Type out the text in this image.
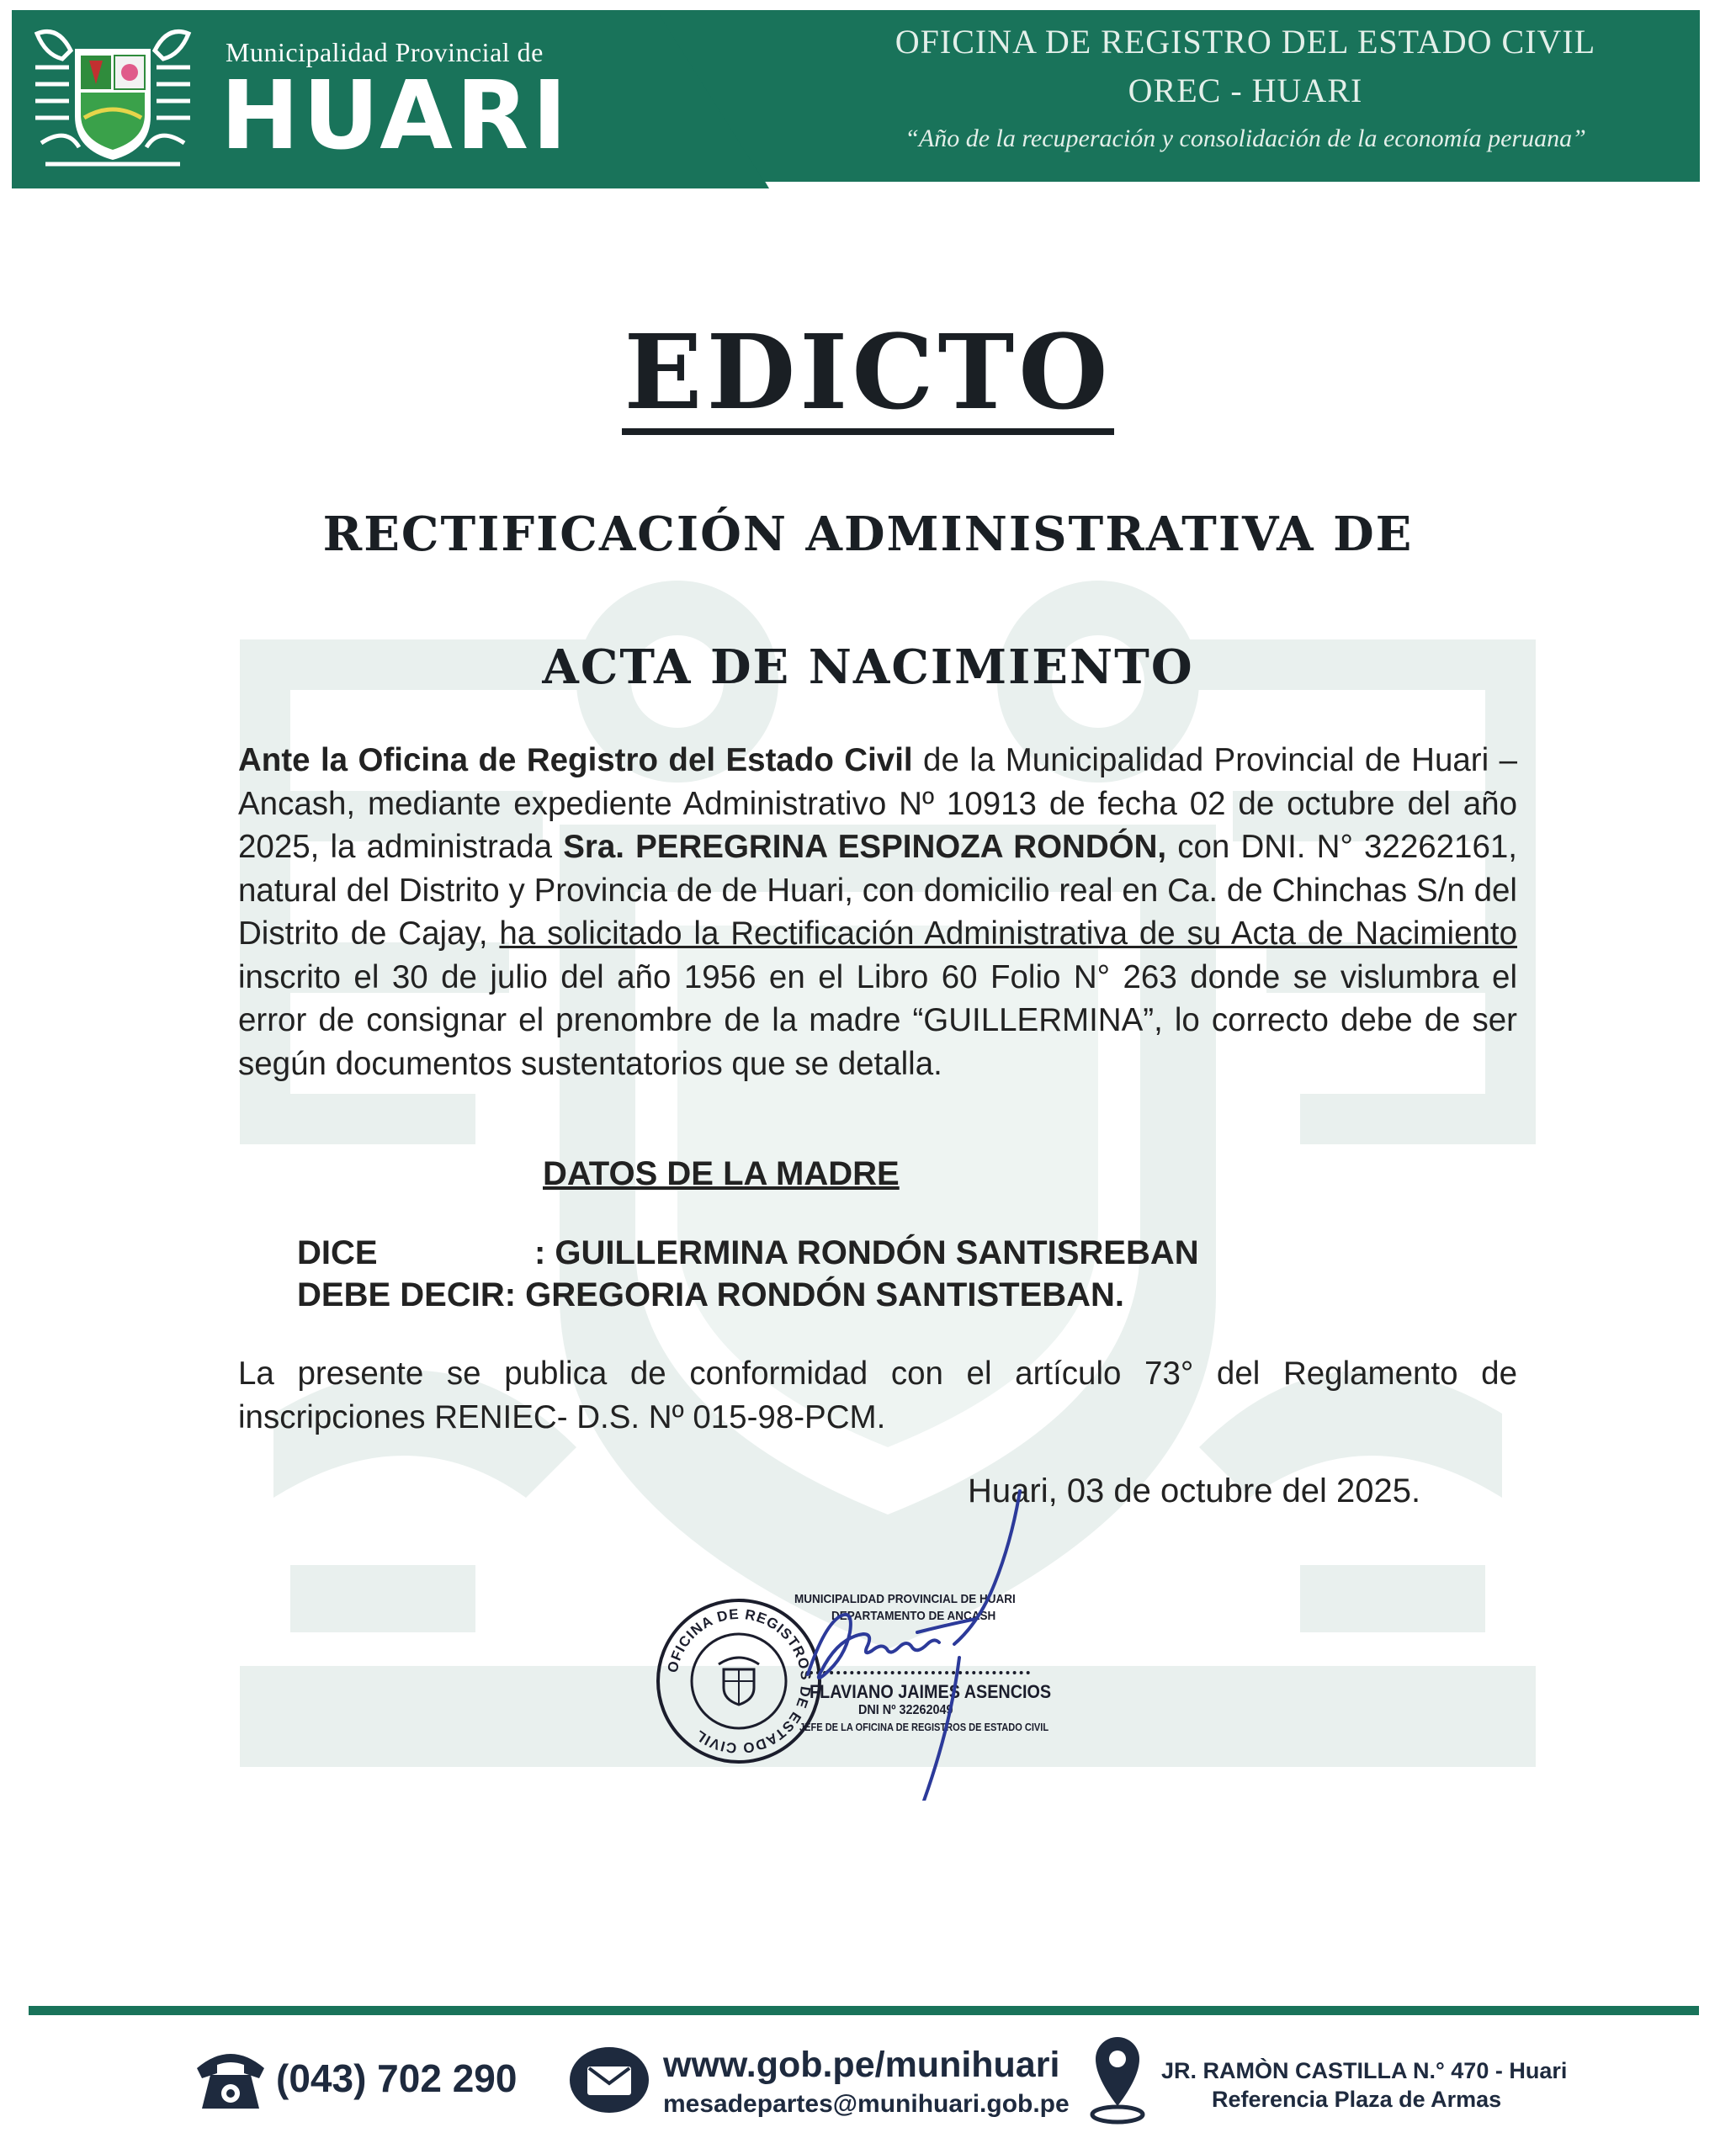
Municipalidad Provincial de
HUARI
OFICINA DE REGISTRO DEL ESTADO CIVIL
OREC - HUARI
“Año de la recuperación y consolidación de la economía peruana”
EDICTO
RECTIFICACIÓN ADMINISTRATIVA DE
ACTA DE NACIMIENTO
Ante la Oficina de Registro del Estado Civil de la Municipalidad Provincial de Huari – Ancash, mediante expediente Administrativo Nº 10913 de fecha 02 de octubre del año 2025, la administrada Sra. PEREGRINA ESPINOZA RONDÓN, con DNI. N° 32262161, natural del Distrito y Provincia de de Huari, con domicilio real en Ca. de Chinchas S/n del Distrito de Cajay, ha solicitado la Rectificación Administrativa de su Acta de Nacimiento inscrito el 30 de julio del año 1956 en el Libro 60 Folio N° 263 donde se vislumbra el error de consignar el prenombre de la madre “GUILLERMINA”, lo correcto debe de ser según documentos sustentatorios que se detalla.
DATOS DE LA MADRE
DICE	: GUILLERMINA RONDÓN SANTISREBAN
DEBE DECIR: GREGORIA RONDÓN SANTISTEBAN.
La presente se publica de conformidad con el artículo 73° del Reglamento de inscripciones RENIEC- D.S. Nº 015-98-PCM.
Huari, 03 de octubre del 2025.
OFICINA DE REGISTROS DE ESTADO CIVIL
MUNICIPALIDAD PROVINCIAL DE HUARI
DEPARTAMENTO DE ANCASH
FLAVIANO JAIMES ASENCIOS
DNI Nº 32262049
JEFE DE LA OFICINA DE REGISTROS DE ESTADO CIVIL
(043) 702 290	www.gob.pe/munihuari
mesadepartes@munihuari.gob.pe
JR. RAMÒN CASTILLA N.° 470 - Huari
Referencia Plaza de Armas
